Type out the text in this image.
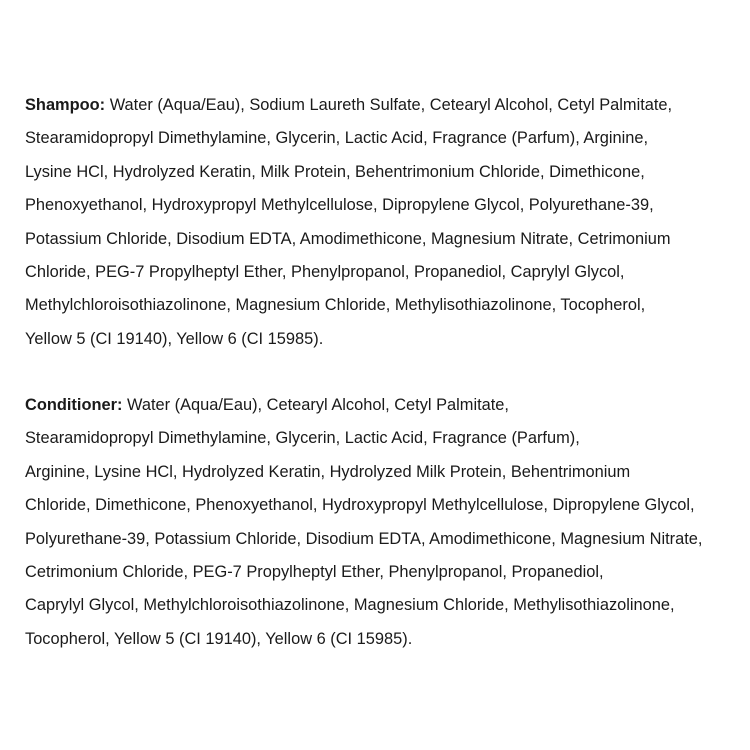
Shampoo: Water (Aqua/Eau), Sodium Laureth Sulfate, Cetearyl Alcohol, Cetyl Palmitate,
Stearamidopropyl Dimethylamine, Glycerin, Lactic Acid, Fragrance (Parfum), Arginine,
Lysine HCl, Hydrolyzed Keratin, Milk Protein, Behentrimonium Chloride, Dimethicone,
Phenoxyethanol, Hydroxypropyl Methylcellulose, Dipropylene Glycol, Polyurethane-39,
Potassium Chloride, Disodium EDTA, Amodimethicone, Magnesium Nitrate, Cetrimonium
Chloride, PEG-7 Propylheptyl Ether, Phenylpropanol, Propanediol, Caprylyl Glycol,
Methylchloroisothiazolinone, Magnesium Chloride, Methylisothiazolinone, Tocopherol,
Yellow 5 (CI 19140), Yellow 6 (CI 15985).
Conditioner: Water (Aqua/Eau), Cetearyl Alcohol, Cetyl Palmitate,
Stearamidopropyl Dimethylamine, Glycerin, Lactic Acid, Fragrance (Parfum),
Arginine, Lysine HCl, Hydrolyzed Keratin, Hydrolyzed Milk Protein, Behentrimonium
Chloride, Dimethicone, Phenoxyethanol, Hydroxypropyl Methylcellulose, Dipropylene Glycol,
Polyurethane-39, Potassium Chloride, Disodium EDTA, Amodimethicone, Magnesium Nitrate,
Cetrimonium Chloride, PEG-7 Propylheptyl Ether, Phenylpropanol, Propanediol,
Caprylyl Glycol, Methylchloroisothiazolinone, Magnesium Chloride, Methylisothiazolinone,
Tocopherol, Yellow 5 (CI 19140), Yellow 6 (CI 15985).
